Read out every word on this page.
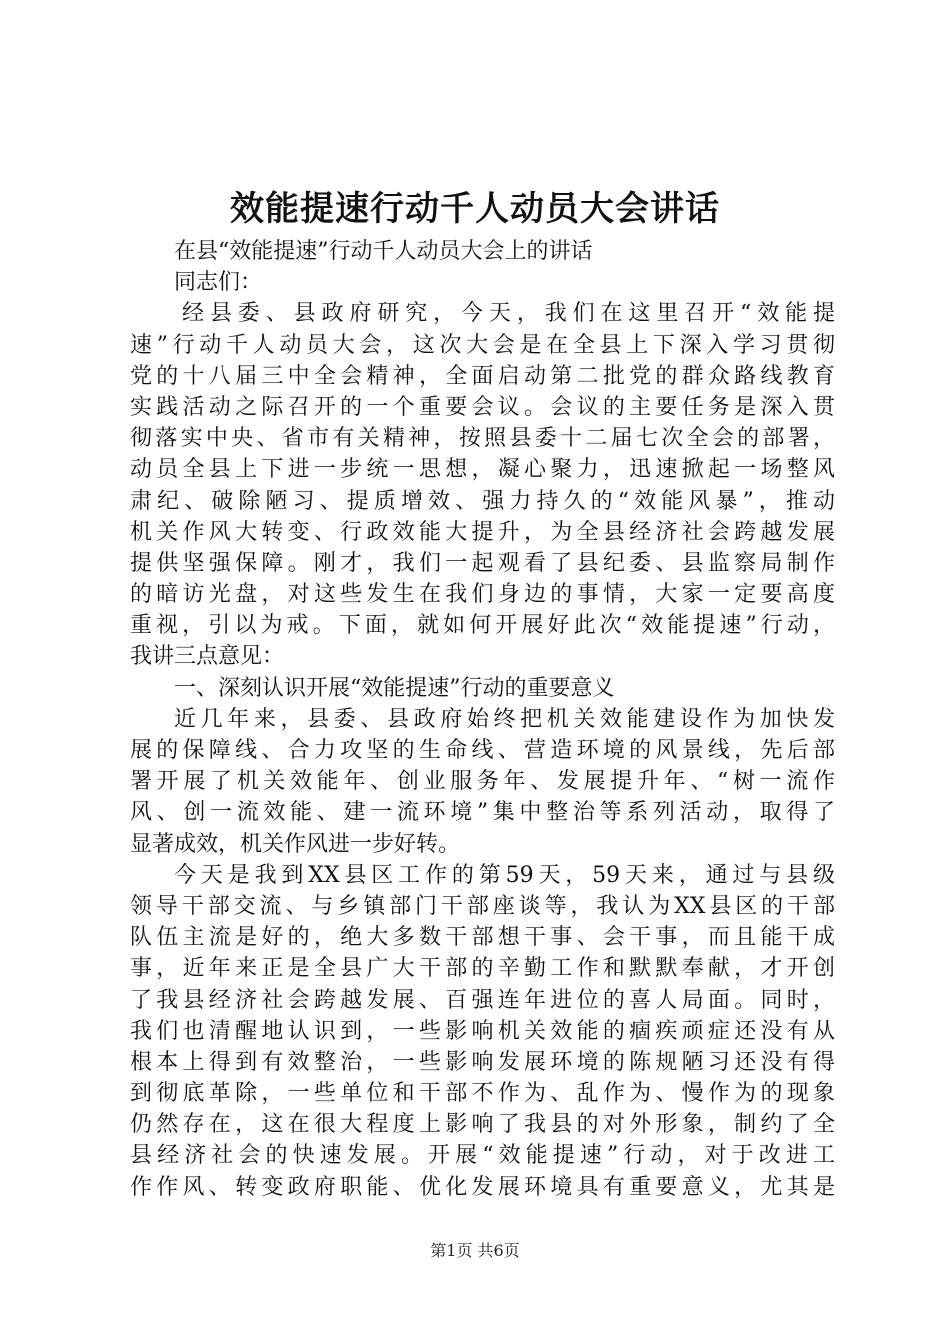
效能提速行动千人动员大会讲话
在县“效能提速”行动千人动员大会上的讲话
同志们：
经县委、县政府研究，今天，我们在这里召开“效能提
速”行动千人动员大会，这次大会是在全县上下深入学习贯彻
党的十八届三中全会精神，全面启动第二批党的群众路线教育
实践活动之际召开的一个重要会议。会议的主要任务是深入贯
彻落实中央、省市有关精神，按照县委十二届七次全会的部署，
动员全县上下进一步统一思想，凝心聚力，迅速掀起一场整风
肃纪、破除陋习、提质增效、强力持久的“效能风暴”，推动
机关作风大转变、行政效能大提升，为全县经济社会跨越发展
提供坚强保障。刚才，我们一起观看了县纪委、县监察局制作
的暗访光盘，对这些发生在我们身边的事情，大家一定要高度
重视，引以为戒。下面，就如何开展好此次“效能提速”行动，
我讲三点意见：
一、深刻认识开展“效能提速”行动的重要意义
近几年来，县委、县政府始终把机关效能建设作为加快发
展的保障线、合力攻坚的生命线、营造环境的风景线，先后部
署开展了机关效能年、创业服务年、发展提升年、“树一流作
风、创一流效能、建一流环境”集中整治等系列活动，取得了
显著成效，机关作风进一步好转。
今天是我到XX县区工作的第59天，59天来，通过与县级
领导干部交流、与乡镇部门干部座谈等，我认为XX县区的干部
队伍主流是好的，绝大多数干部想干事、会干事，而且能干成
事，近年来正是全县广大干部的辛勤工作和默默奉献，才开创
了我县经济社会跨越发展、百强连年进位的喜人局面。同时，
我们也清醒地认识到，一些影响机关效能的痼疾顽症还没有从
根本上得到有效整治，一些影响发展环境的陈规陋习还没有得
到彻底革除，一些单位和干部不作为、乱作为、慢作为的现象
仍然存在，这在很大程度上影响了我县的对外形象，制约了全
县经济社会的快速发展。开展“效能提速”行动，对于改进工
作作风、转变政府职能、优化发展环境具有重要意义，尤其是
第1页 共6页
